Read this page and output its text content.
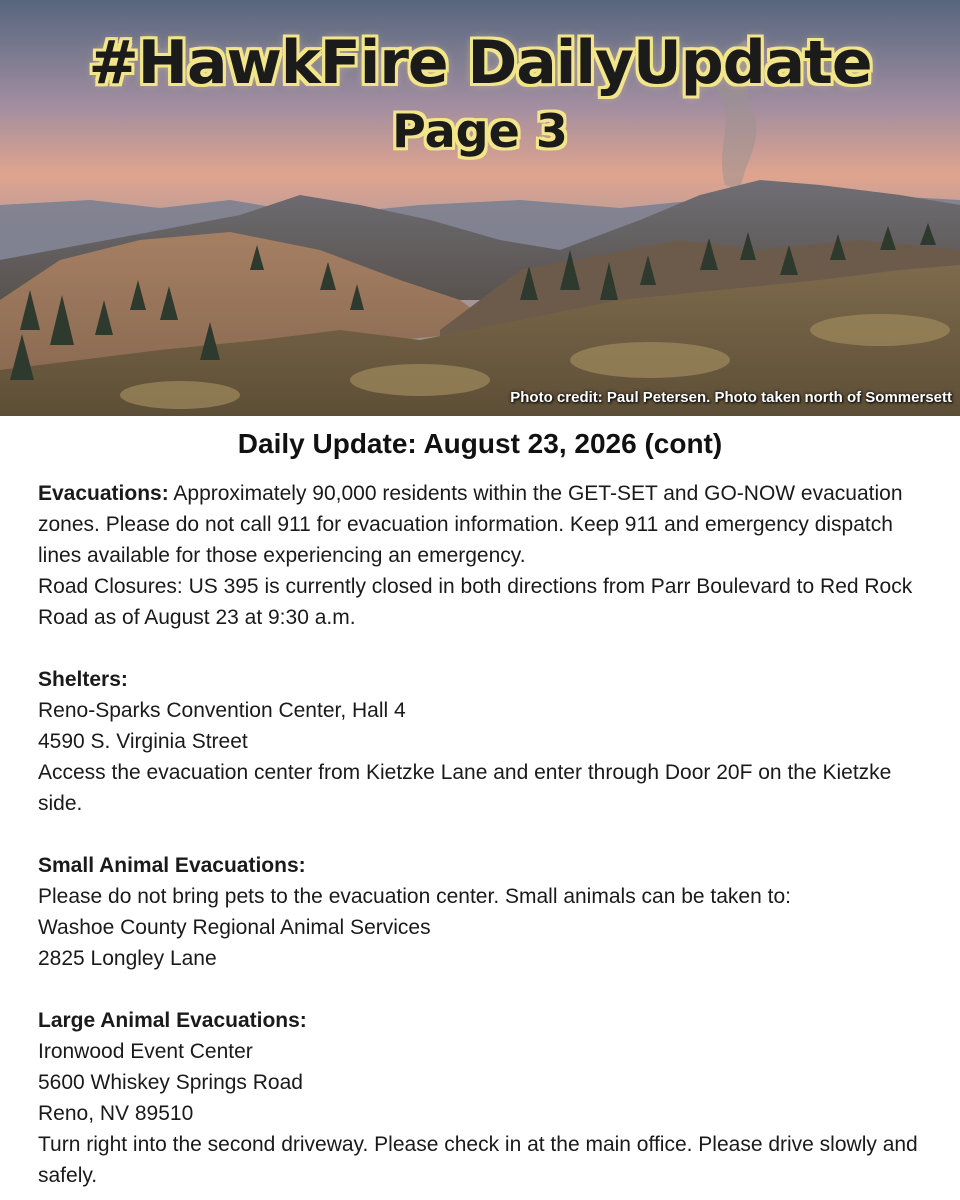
#HawkFire DailyUpdate
Page 3
Photo credit: Paul Petersen. Photo taken north of Sommersett
Daily Update: August 23, 2026 (cont)

Evacuations: Approximately 90,000 residents within the GET-SET and GO-NOW evacuation zones. Please do not call 911 for evacuation information. Keep 911 and emergency dispatch lines available for those experiencing an emergency.

Road Closures: US 395 is currently closed in both directions from Parr Boulevard to Red Rock Road as of August 23 at 9:30 a.m.

Shelters:
Reno-Sparks Convention Center, Hall 4
4590 S. Virginia Street
Access the evacuation center from Kietzke Lane and enter through Door 20F on the Kietzke side.
Small Animal Evacuations:
Please do not bring pets to the evacuation center. Small animals can be taken to:
Washoe County Regional Animal Services
2825 Longley Lane
Large Animal Evacuations:
Ironwood Event Center
5600 Whiskey Springs Road
Reno, NV 89510
Turn right into the second driveway. Please check in at the main office. Please drive slowly and safely.
